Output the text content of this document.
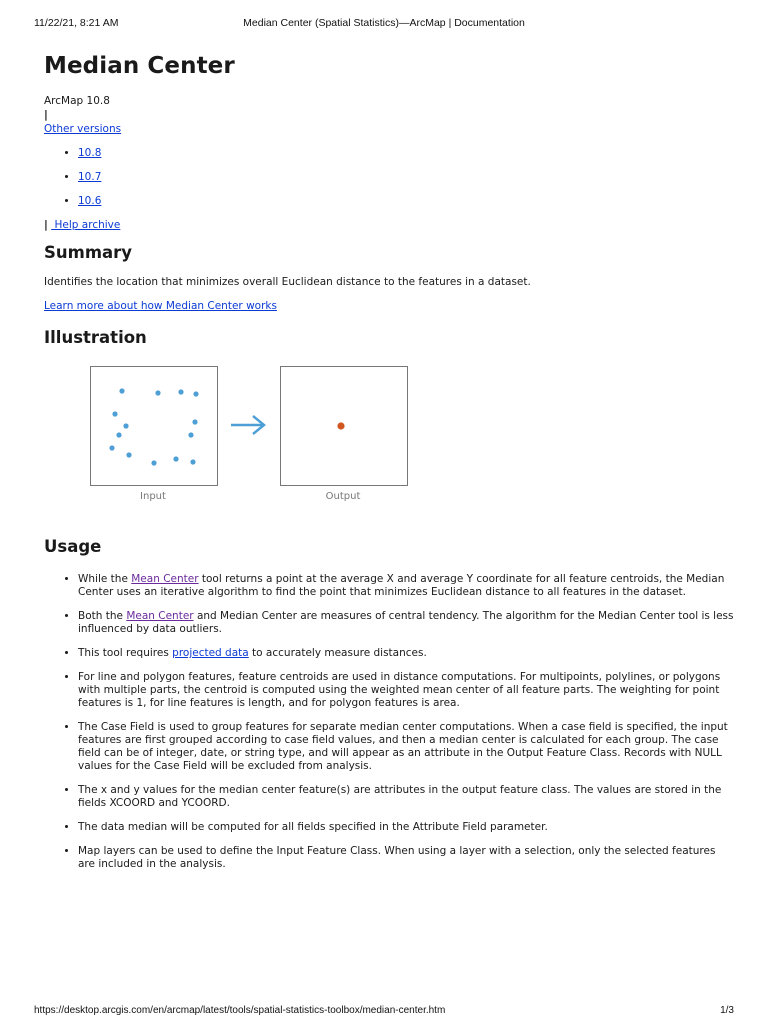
11/22/21, 8:21 AM	Median Center (Spatial Statistics)—ArcMap | Documentation
Median Center
ArcMap 10.8
|
Other versions
• 10.8
• 10.7
• 10.6
|  Help archive
Summary

Identifies the location that minimizes overall Euclidean distance to the features in a dataset.

Learn more about how Median Center works

Illustration
Input	Output
Usage
• While the Mean Center tool returns a point at the average X and average Y coordinate for all feature centroids, the Median Center uses an iterative algorithm to find the point that minimizes Euclidean distance to all features in the dataset.
• Both the Mean Center and Median Center are measures of central tendency. The algorithm for the Median Center tool is less influenced by data outliers.
• This tool requires projected data to accurately measure distances.
• For line and polygon features, feature centroids are used in distance computations. For multipoints, polylines, or polygons with multiple parts, the centroid is computed using the weighted mean center of all feature parts. The weighting for point features is 1, for line features is length, and for polygon features is area.
• The Case Field is used to group features for separate median center computations. When a case field is specified, the input features are first grouped according to case field values, and then a median center is calculated for each group. The case field can be of integer, date, or string type, and will appear as an attribute in the Output Feature Class. Records with NULL values for the Case Field will be excluded from analysis.
• The x and y values for the median center feature(s) are attributes in the output feature class. The values are stored in the fields XCOORD and YCOORD.
• The data median will be computed for all fields specified in the Attribute Field parameter.
• Map layers can be used to define the Input Feature Class. When using a layer with a selection, only the selected features are included in the analysis.
https://desktop.arcgis.com/en/arcmap/latest/tools/spatial-statistics-toolbox/median-center.htm	1/3
